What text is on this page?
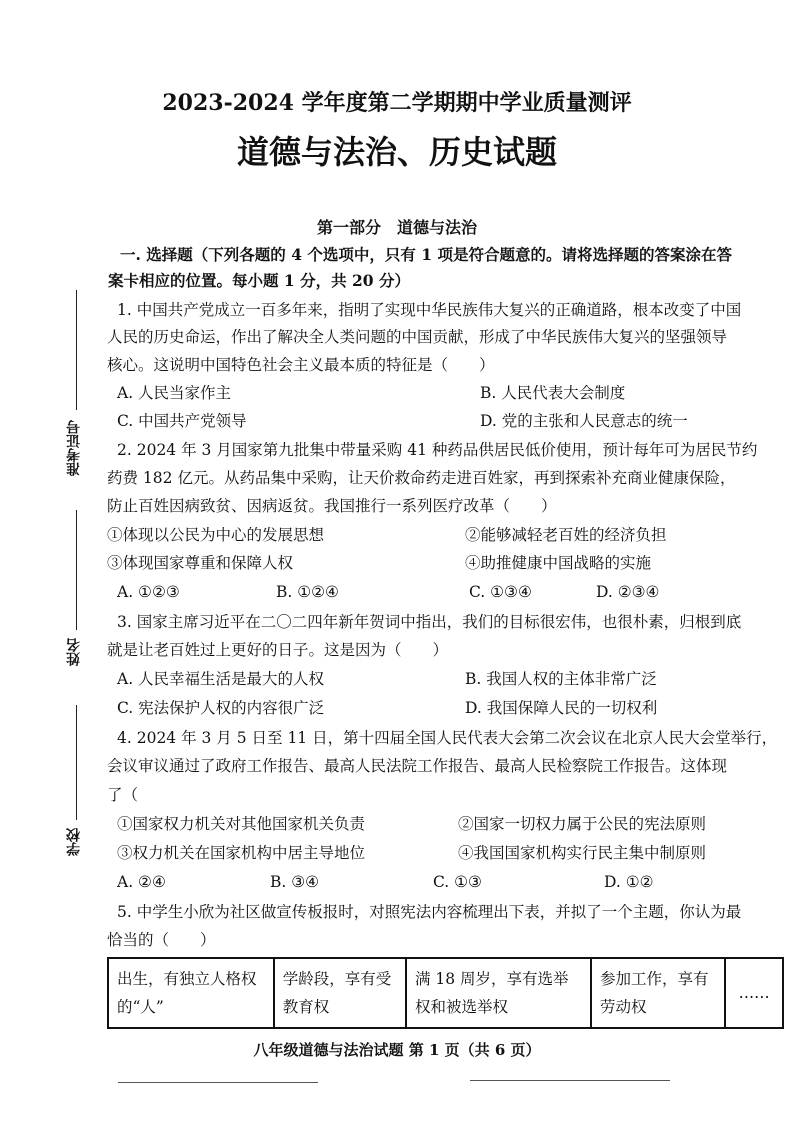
准考证号
姓名
学校
2023-2024 学年度第二学期期中学业质量测评
道德与法治、历史试题
第一部分　道德与法治
一. 选择题（下列各题的 4 个选项中，只有 1 项是符合题意的。请将选择题的答案涂在答
案卡相应的位置。每小题 1 分，共 20 分）
1. 中国共产党成立一百多年来，指明了实现中华民族伟大复兴的正确道路，根本改变了中国
人民的历史命运，作出了解决全人类问题的中国贡献，形成了中华民族伟大复兴的坚强领导
核心。这说明中国特色社会主义最本质的特征是（　　）
A. 人民当家作主	B. 人民代表大会制度
C. 中国共产党领导	D. 党的主张和人民意志的统一
2. 2024 年 3 月国家第九批集中带量采购 41 种药品供居民低价使用，预计每年可为居民节约
药费 182 亿元。从药品集中采购，让天价救命药走进百姓家，再到探索补充商业健康保险，
防止百姓因病致贫、因病返贫。我国推行一系列医疗改革（　　）
①体现以公民为中心的发展思想	②能够减轻老百姓的经济负担
③体现国家尊重和保障人权	④助推健康中国战略的实施
A. ①②③	B. ①②④	C. ①③④	D. ②③④
3. 国家主席习近平在二〇二四年新年贺词中指出，我们的目标很宏伟，也很朴素，归根到底
就是让老百姓过上更好的日子。这是因为（　　）
A. 人民幸福生活是最大的人权	B. 我国人权的主体非常广泛
C. 宪法保护人权的内容很广泛	D. 我国保障人民的一切权利
4. 2024 年 3 月 5 日至 11 日，第十四届全国人民代表大会第二次会议在北京人民大会堂举行，
会议审议通过了政府工作报告、最高人民法院工作报告、最高人民检察院工作报告。这体现
了（
①国家权力机关对其他国家机关负责	②国家一切权力属于公民的宪法原则
③权力机关在国家机构中居主导地位	④我国国家机构实行民主集中制原则
A. ②④	B. ③④	C. ①③	D. ①②
5. 中学生小欣为社区做宣传板报时，对照宪法内容梳理出下表，并拟了一个主题，你认为最
恰当的（　　）
出生，有独立人格权的“人”	学龄段，享有受教育权	满 18 周岁，享有选举权和被选举权	参加工作，享有劳动权	……
八年级道德与法治试题 第 1 页（共 6 页）
